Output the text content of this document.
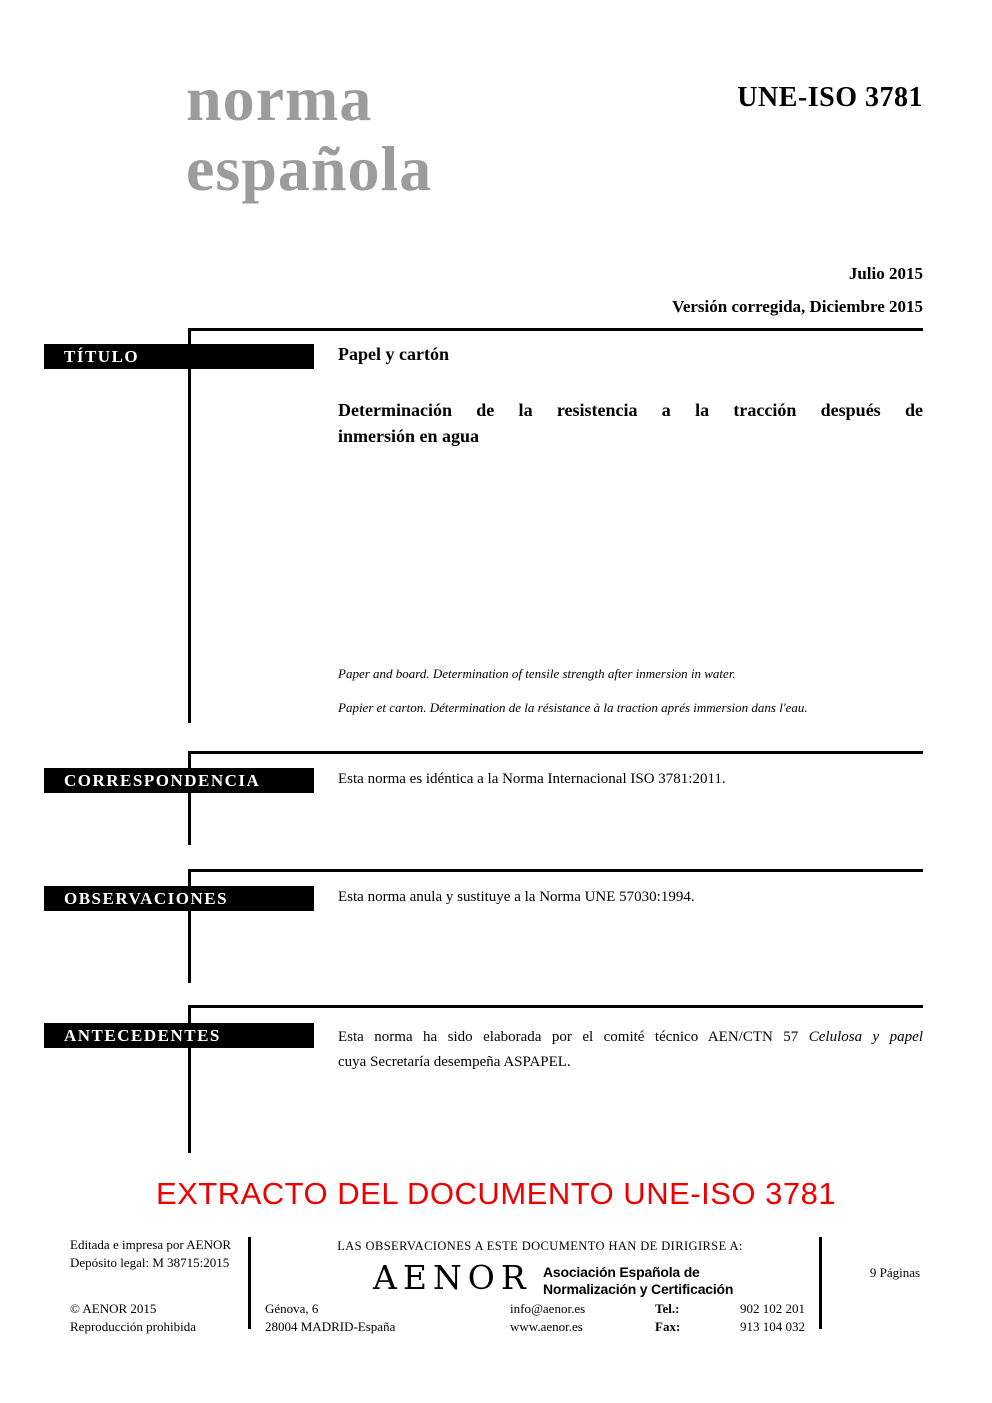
norma
española
UNE-ISO 3781
Julio 2015
Versión corregida, Diciembre 2015
TÍTULO	Papel y cartón
Determinación de la resistencia a la tracción después de
inmersión en agua
Paper and board. Determination of tensile strength after inmersion in water.
Papier et carton. Détermination de la résistance à la traction aprés immersion dans l'eau.
CORRESPONDENCIA	Esta norma es idéntica a la Norma Internacional ISO 3781:2011.
OBSERVACIONES	Esta norma anula y sustituye a la Norma UNE 57030:1994.
ANTECEDENTES	Esta norma ha sido elaborada por el comité técnico AEN/CTN 57 Celulosa y papel
cuya Secretaría desempeña ASPAPEL.
EXTRACTO DEL DOCUMENTO UNE-ISO 3781
Editada e impresa por AENOR
Depósito legal: M 38715:2015
© AENOR 2015
Reproducción prohibida
LAS OBSERVACIONES A ESTE DOCUMENTO HAN DE DIRIGIRSE A:
AENOR Asociación Española de
Normalización y Certificación
Génova, 6
28004 MADRID-España
info@aenor.es
www.aenor.es
Tel.:	902 102 201
Fax:	913 104 032
9 Páginas
